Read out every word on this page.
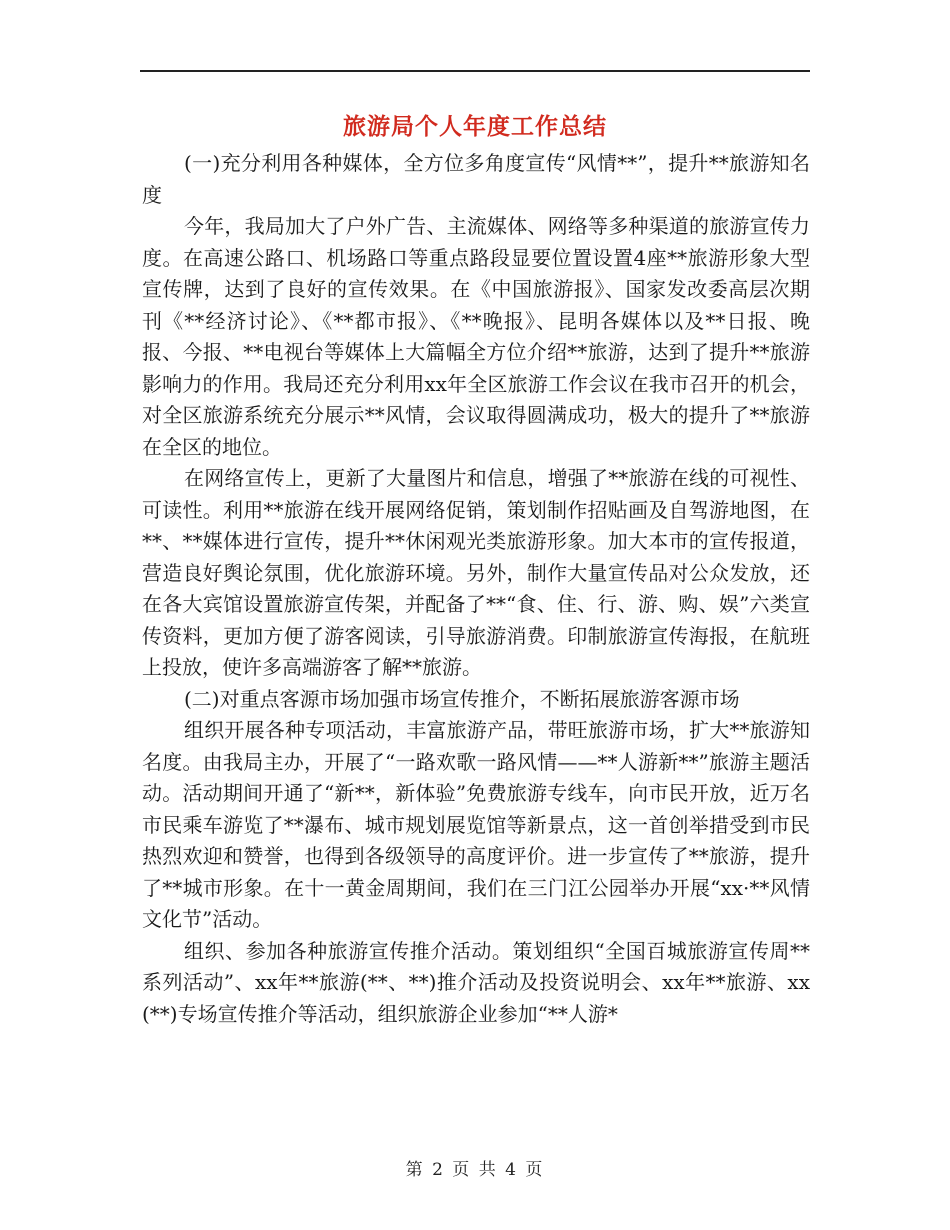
旅游局个人年度工作总结

(一)充分利用各种媒体，全方位多角度宣传“风情**”，提升**旅游知名度

今年，我局加大了户外广告、主流媒体、网络等多种渠道的旅游宣传力度。在高速公路口、机场路口等重点路段显要位置设置4座**旅游形象大型宣传牌，达到了良好的宣传效果。在《中国旅游报》、国家发改委高层次期刊《**经济讨论》、《**都市报》、《**晚报》、昆明各媒体以及**日报、晚报、今报、**电视台等媒体上大篇幅全方位介绍**旅游，达到了提升**旅游影响力的作用。我局还充分利用xx年全区旅游工作会议在我市召开的机会，对全区旅游系统充分展示**风情，会议取得圆满成功，极大的提升了**旅游在全区的地位。

在网络宣传上，更新了大量图片和信息，增强了**旅游在线的可视性、可读性。利用**旅游在线开展网络促销，策划制作招贴画及自驾游地图，在**、**媒体进行宣传，提升**休闲观光类旅游形象。加大本市的宣传报道，营造良好舆论氛围，优化旅游环境。另外，制作大量宣传品对公众发放，还在各大宾馆设置旅游宣传架，并配备了**“食、住、行、游、购、娱”六类宣传资料，更加方便了游客阅读，引导旅游消费。印制旅游宣传海报，在航班上投放，使许多高端游客了解**旅游。

(二)对重点客源市场加强市场宣传推介，不断拓展旅游客源市场

组织开展各种专项活动，丰富旅游产品，带旺旅游市场，扩大**旅游知名度。由我局主办，开展了“一路欢歌一路风情——**人游新**”旅游主题活动。活动期间开通了“新**，新体验”免费旅游专线车，向市民开放，近万名市民乘车游览了**瀑布、城市规划展览馆等新景点，这一首创举措受到市民热烈欢迎和赞誉，也得到各级领导的高度评价。进一步宣传了**旅游，提升了**城市形象。在十一黄金周期间，我们在三门江公园举办开展“xx·**风情文化节”活动。

组织、参加各种旅游宣传推介活动。策划组织“全国百城旅游宣传周**系列活动”、xx年**旅游(**、**)推介活动及投资说明会、xx年**旅游、xx(**)专场宣传推介等活动，组织旅游企业参加“**人游*

第 2 页 共 4 页
